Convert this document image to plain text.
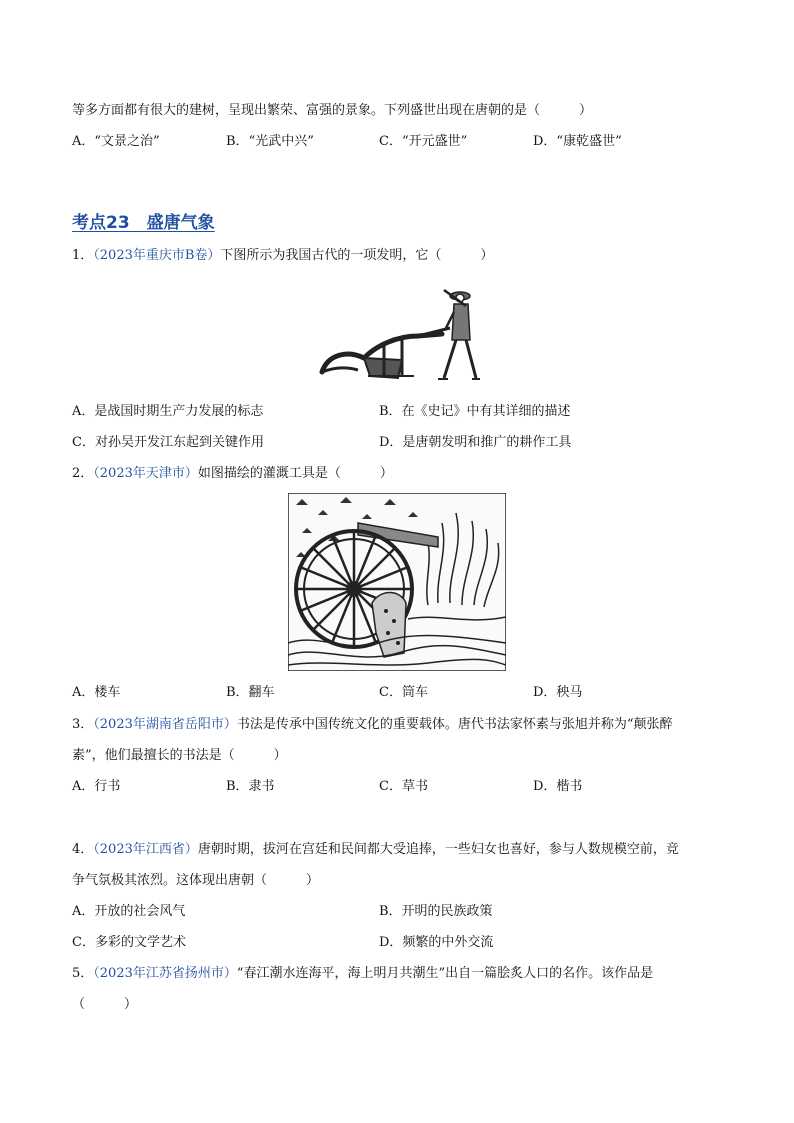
等多方面都有很大的建树，呈现出繁荣、富强的景象。下列盛世出现在唐朝的是（　　　）
A．“文景之治”	B．“光武中兴”	C．“开元盛世”	D．“康乾盛世”
考点23　盛唐气象
1．（2023年重庆市B卷）下图所示为我国古代的一项发明，它（　　　）
A．是战国时期生产力发展的标志	B．在《史记》中有其详细的描述
C．对孙吴开发江东起到关键作用	D．是唐朝发明和推广的耕作工具
2．（2023年天津市）如图描绘的灌溉工具是（　　　）
A．楼车	B．翻车	C．筒车	D．秧马
3．（2023年湖南省岳阳市）书法是传承中国传统文化的重要载体。唐代书法家怀素与张旭并称为“颠张醉
素”，他们最擅长的书法是（　　　）
A．行书	B．隶书	C．草书	D．楷书
4．（2023年江西省）唐朝时期，拔河在宫廷和民间都大受追捧，一些妇女也喜好，参与人数规模空前，竞
争气氛极其浓烈。这体现出唐朝（　　　）
A．开放的社会风气	B．开明的民族政策
C．多彩的文学艺术	D．频繁的中外交流
5．（2023年江苏省扬州市）“春江潮水连海平，海上明月共潮生”出自一篇脍炙人口的名作。该作品是
（　　　）
